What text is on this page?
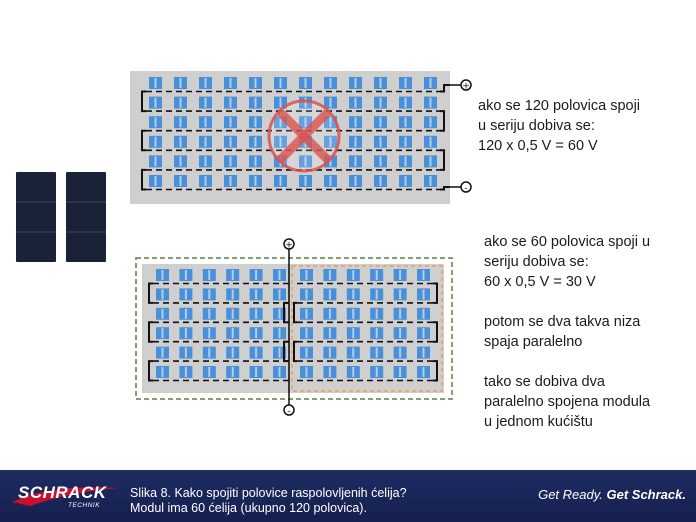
+
-
+
-
ako se 120 polovica spoji
u seriju dobiva se:
120 x 0,5 V = 60 V
ako se 60 polovica spoji u
seriju dobiva se:
60 x 0,5 V = 30 V
potom se dva takva niza
spaja paralelno
tako se dobiva dva
paralelno spojena modula
u jednom kućištu
SCHRACK
TECHNIK
Slika 8. Kako spojiti polovice raspolovljenih ćelija?
Modul ima 60 ćelija (ukupno 120 polovica).
Get Ready. Get Schrack.
